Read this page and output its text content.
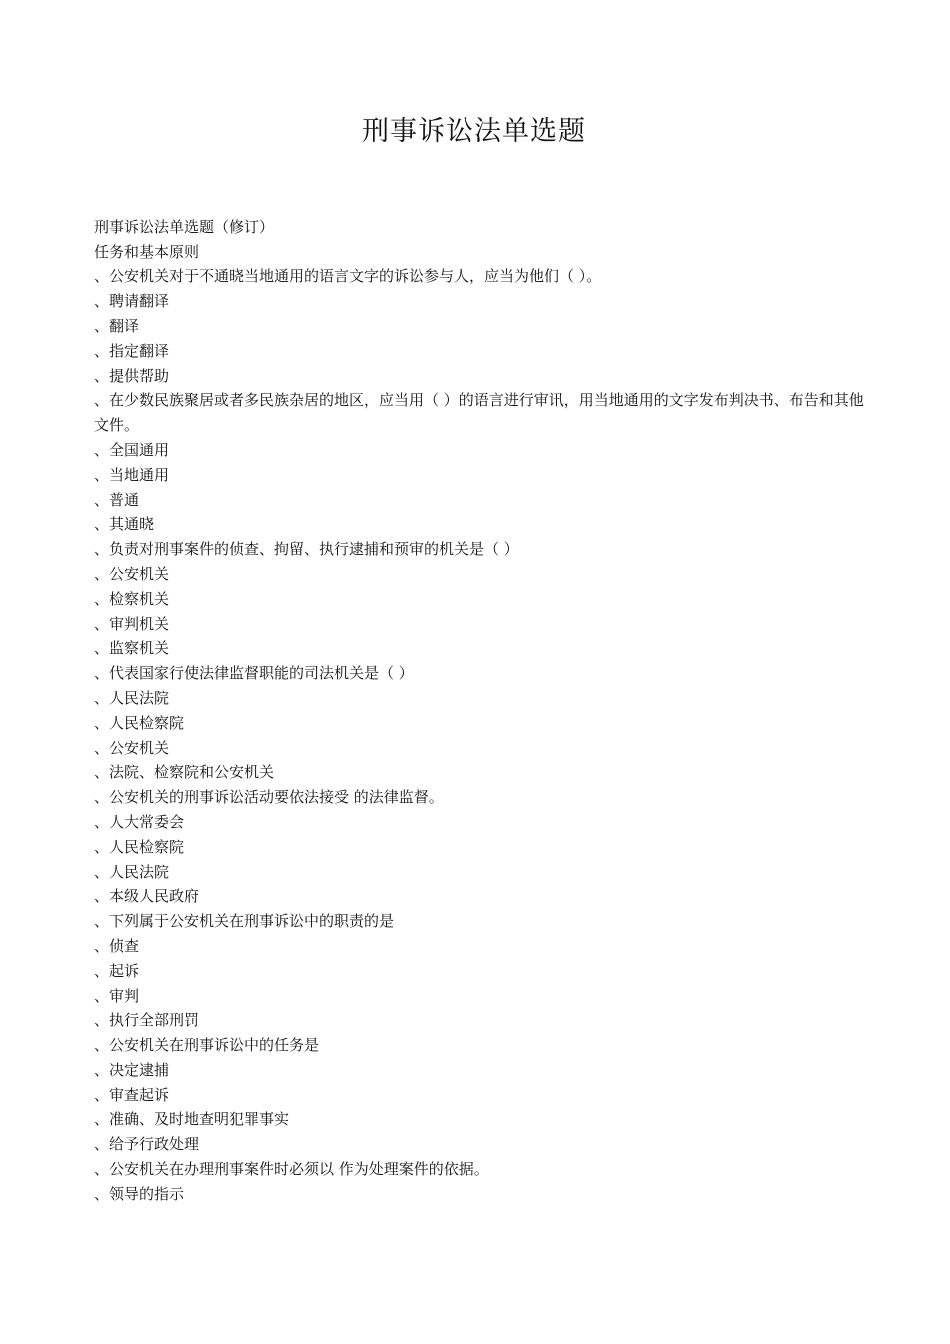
刑事诉讼法单选题
刑事诉讼法单选题（修订）
任务和基本原则
、公安机关对于不通晓当地通用的语言文字的诉讼参与人，应当为他们（ ）。
、聘请翻译
、翻译
、指定翻译
、提供帮助
、在少数民族聚居或者多民族杂居的地区，应当用（ ）的语言进行审讯，用当地通用的文字发布判决书、布告和其他文件。
、全国通用
、当地通用
、普通
、其通晓
、负责对刑事案件的侦查、拘留、执行逮捕和预审的机关是（ ）
、公安机关
、检察机关
、审判机关
、监察机关
、代表国家行使法律监督职能的司法机关是（ ）
、人民法院
、人民检察院
、公安机关
、法院、检察院和公安机关
、公安机关的刑事诉讼活动要依法接受 的法律监督。
、人大常委会
、人民检察院
、人民法院
、本级人民政府
、下列属于公安机关在刑事诉讼中的职责的是
、侦查
、起诉
、审判
、执行全部刑罚
、公安机关在刑事诉讼中的任务是
、决定逮捕
、审查起诉
、准确、及时地查明犯罪事实
、给予行政处理
、公安机关在办理刑事案件时必须以 作为处理案件的依据。
、领导的指示
